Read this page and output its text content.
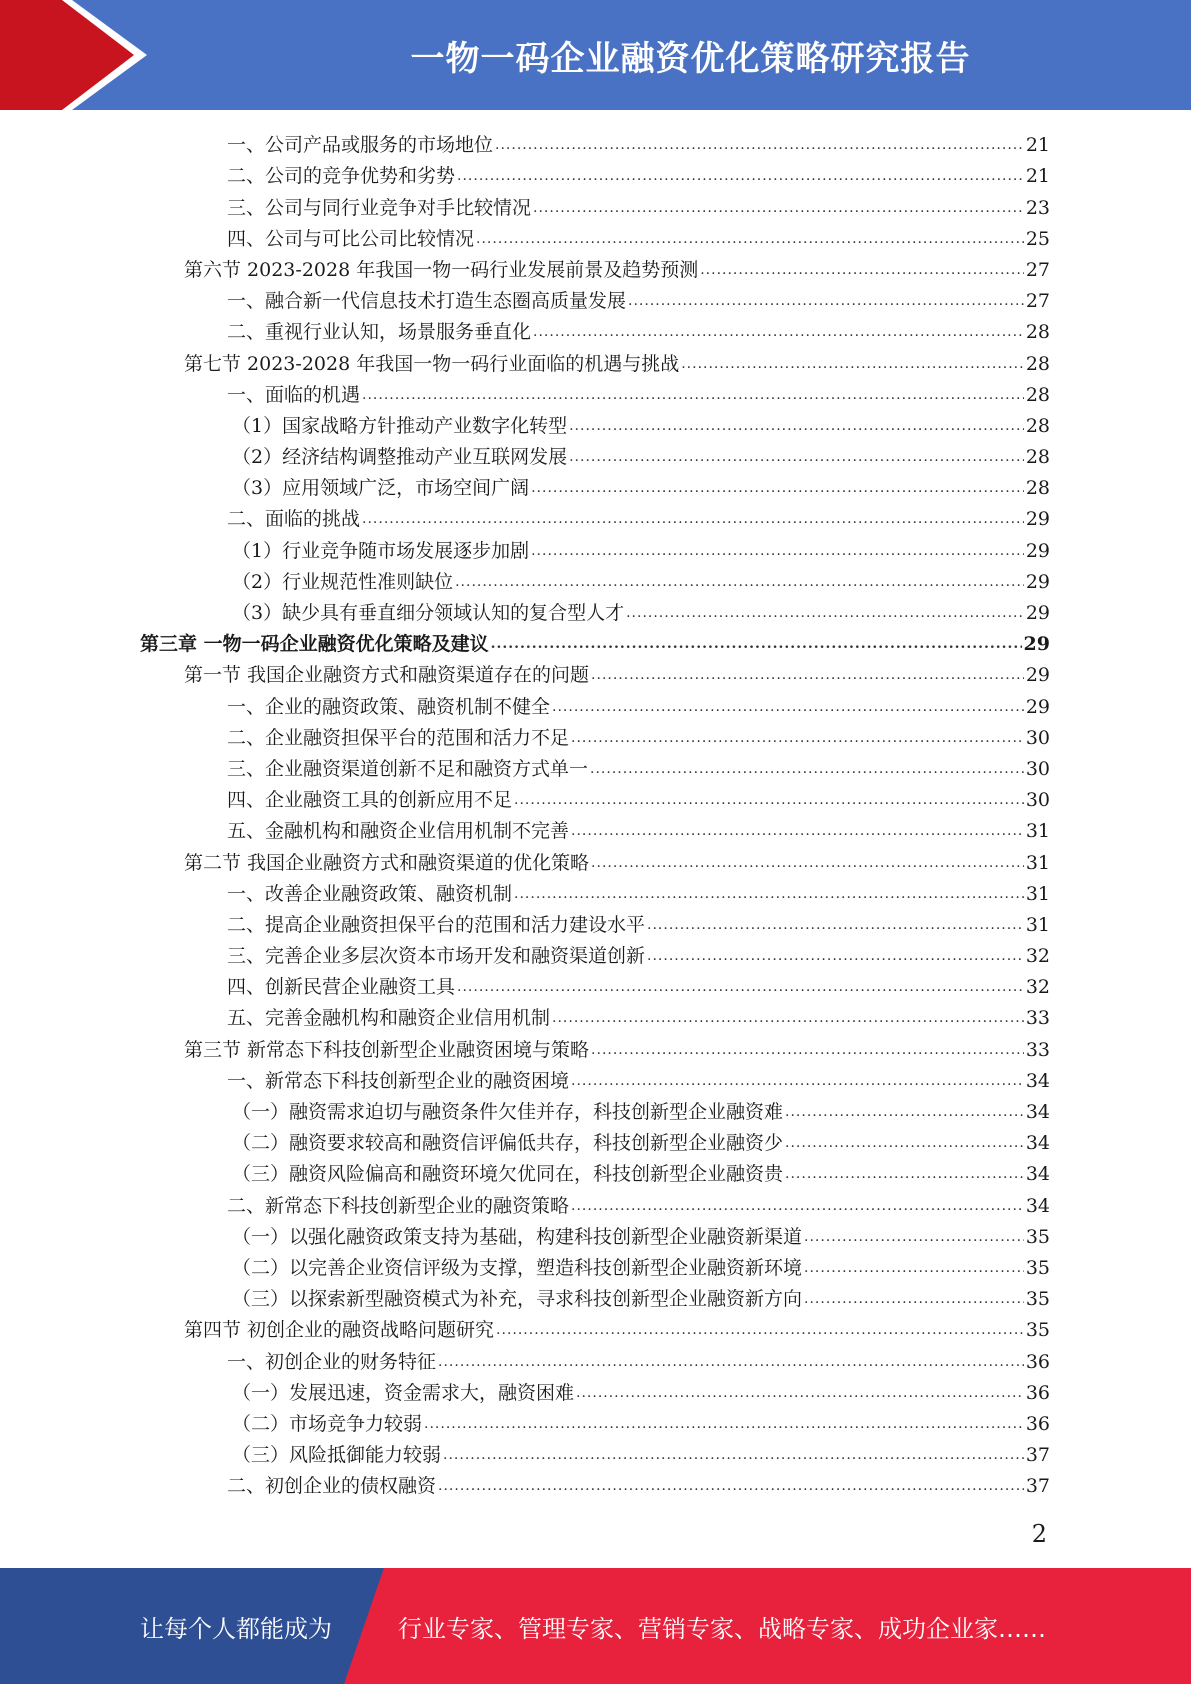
一物一码企业融资优化策略研究报告
一、公司产品或服务的市场地位 .....	21
二、公司的竞争优势和劣势 .....	21
三、公司与同行业竞争对手比较情况 .....	23
四、公司与可比公司比较情况 .....	25
第六节 2023-2028 年我国一物一码行业发展前景及趋势预测 .....	27
一、融合新一代信息技术打造生态圈高质量发展 .....	27
二、重视行业认知，场景服务垂直化 .....	28
第七节 2023-2028 年我国一物一码行业面临的机遇与挑战 .....	28
一、面临的机遇 .....	28
（1）国家战略方针推动产业数字化转型 .....	28
（2）经济结构调整推动产业互联网发展 .....	28
（3）应用领域广泛，市场空间广阔 .....	28
二、面临的挑战 .....	29
（1）行业竞争随市场发展逐步加剧 .....	29
（2）行业规范性准则缺位 .....	29
（3）缺少具有垂直细分领域认知的复合型人才 .....	29
第三章 一物一码企业融资优化策略及建议 .....	29
第一节 我国企业融资方式和融资渠道存在的问题 .....	29
一、企业的融资政策、融资机制不健全 .....	29
二、企业融资担保平台的范围和活力不足 .....	30
三、企业融资渠道创新不足和融资方式单一 .....	30
四、企业融资工具的创新应用不足 .....	30
五、金融机构和融资企业信用机制不完善 .....	31
第二节 我国企业融资方式和融资渠道的优化策略 .....	31
一、改善企业融资政策、融资机制 .....	31
二、提高企业融资担保平台的范围和活力建设水平 .....	31
三、完善企业多层次资本市场开发和融资渠道创新 .....	32
四、创新民营企业融资工具 .....	32
五、完善金融机构和融资企业信用机制 .....	33
第三节 新常态下科技创新型企业融资困境与策略 .....	33
一、新常态下科技创新型企业的融资困境 .....	34
（一）融资需求迫切与融资条件欠佳并存，科技创新型企业融资难 .....	34
（二）融资要求较高和融资信评偏低共存，科技创新型企业融资少 .....	34
（三）融资风险偏高和融资环境欠优同在，科技创新型企业融资贵 .....	34
二、新常态下科技创新型企业的融资策略 .....	34
（一）以强化融资政策支持为基础，构建科技创新型企业融资新渠道 .....	35
（二）以完善企业资信评级为支撑，塑造科技创新型企业融资新环境 .....	35
（三）以探索新型融资模式为补充，寻求科技创新型企业融资新方向 .....	35
第四节 初创企业的融资战略问题研究 .....	35
一、初创企业的财务特征 .....	36
（一）发展迅速，资金需求大，融资困难 .....	36
（二）市场竞争力较弱 .....	36
（三）风险抵御能力较弱 .....	37
二、初创企业的债权融资 .....	37
2
让每个人都能成为	行业专家、管理专家、营销专家、战略专家、成功企业家……
